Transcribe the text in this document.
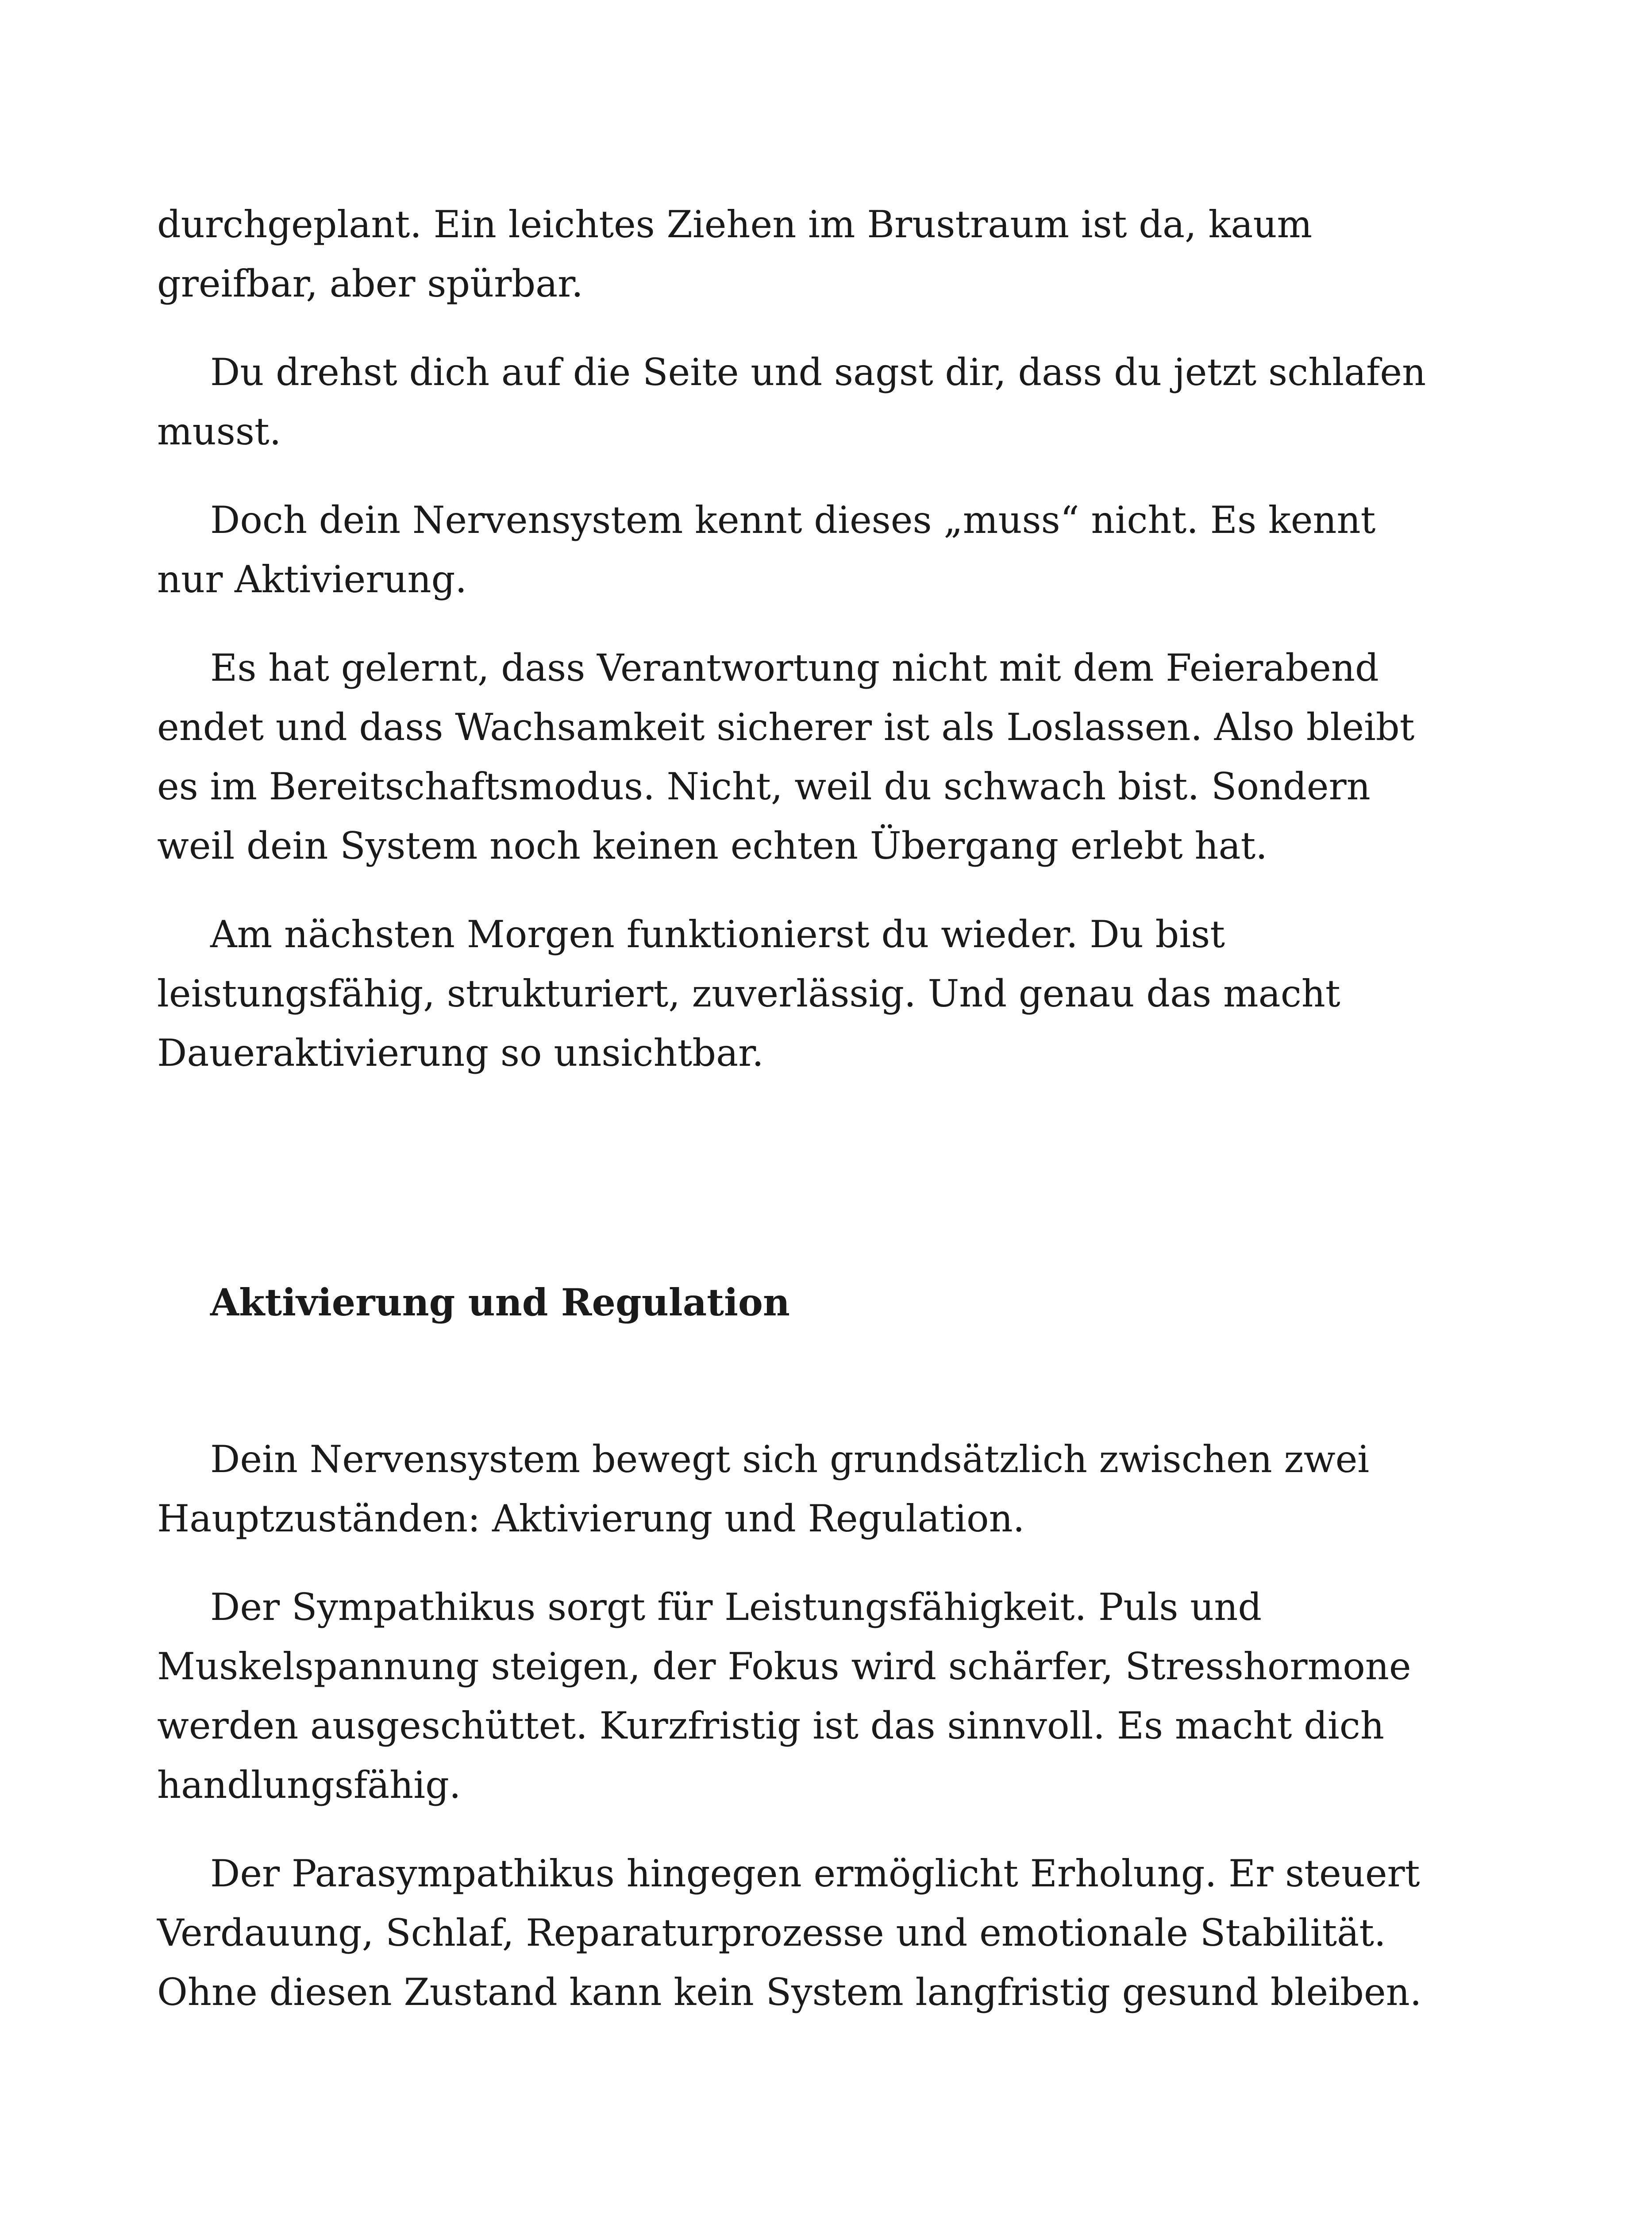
durchgeplant. Ein leichtes Ziehen im Brustraum ist da, kaum greifbar, aber spürbar.

Du drehst dich auf die Seite und sagst dir, dass du jetzt schlafen musst.

Doch dein Nervensystem kennt dieses „muss“ nicht. Es kennt nur Aktivierung.

Es hat gelernt, dass Verantwortung nicht mit dem Feierabend endet und dass Wachsamkeit sicherer ist als Loslassen. Also bleibt es im Bereitschaftsmodus. Nicht, weil du schwach bist. Sondern weil dein System noch keinen echten Übergang erlebt hat.

Am nächsten Morgen funktionierst du wieder. Du bist leistungsfähig, strukturiert, zuverlässig. Und genau das macht Daueraktivierung so unsichtbar.

Aktivierung und Regulation

Dein Nervensystem bewegt sich grundsätzlich zwischen zwei Hauptzuständen: Aktivierung und Regulation.

Der Sympathikus sorgt für Leistungsfähigkeit. Puls und Muskelspannung steigen, der Fokus wird schärfer, Stresshormone werden ausgeschüttet. Kurzfristig ist das sinnvoll. Es macht dich handlungsfähig.

Der Parasympathikus hingegen ermöglicht Erholung. Er steuert Verdauung, Schlaf, Reparaturprozesse und emotionale Stabilität. Ohne diesen Zustand kann kein System langfristig gesund bleiben.
